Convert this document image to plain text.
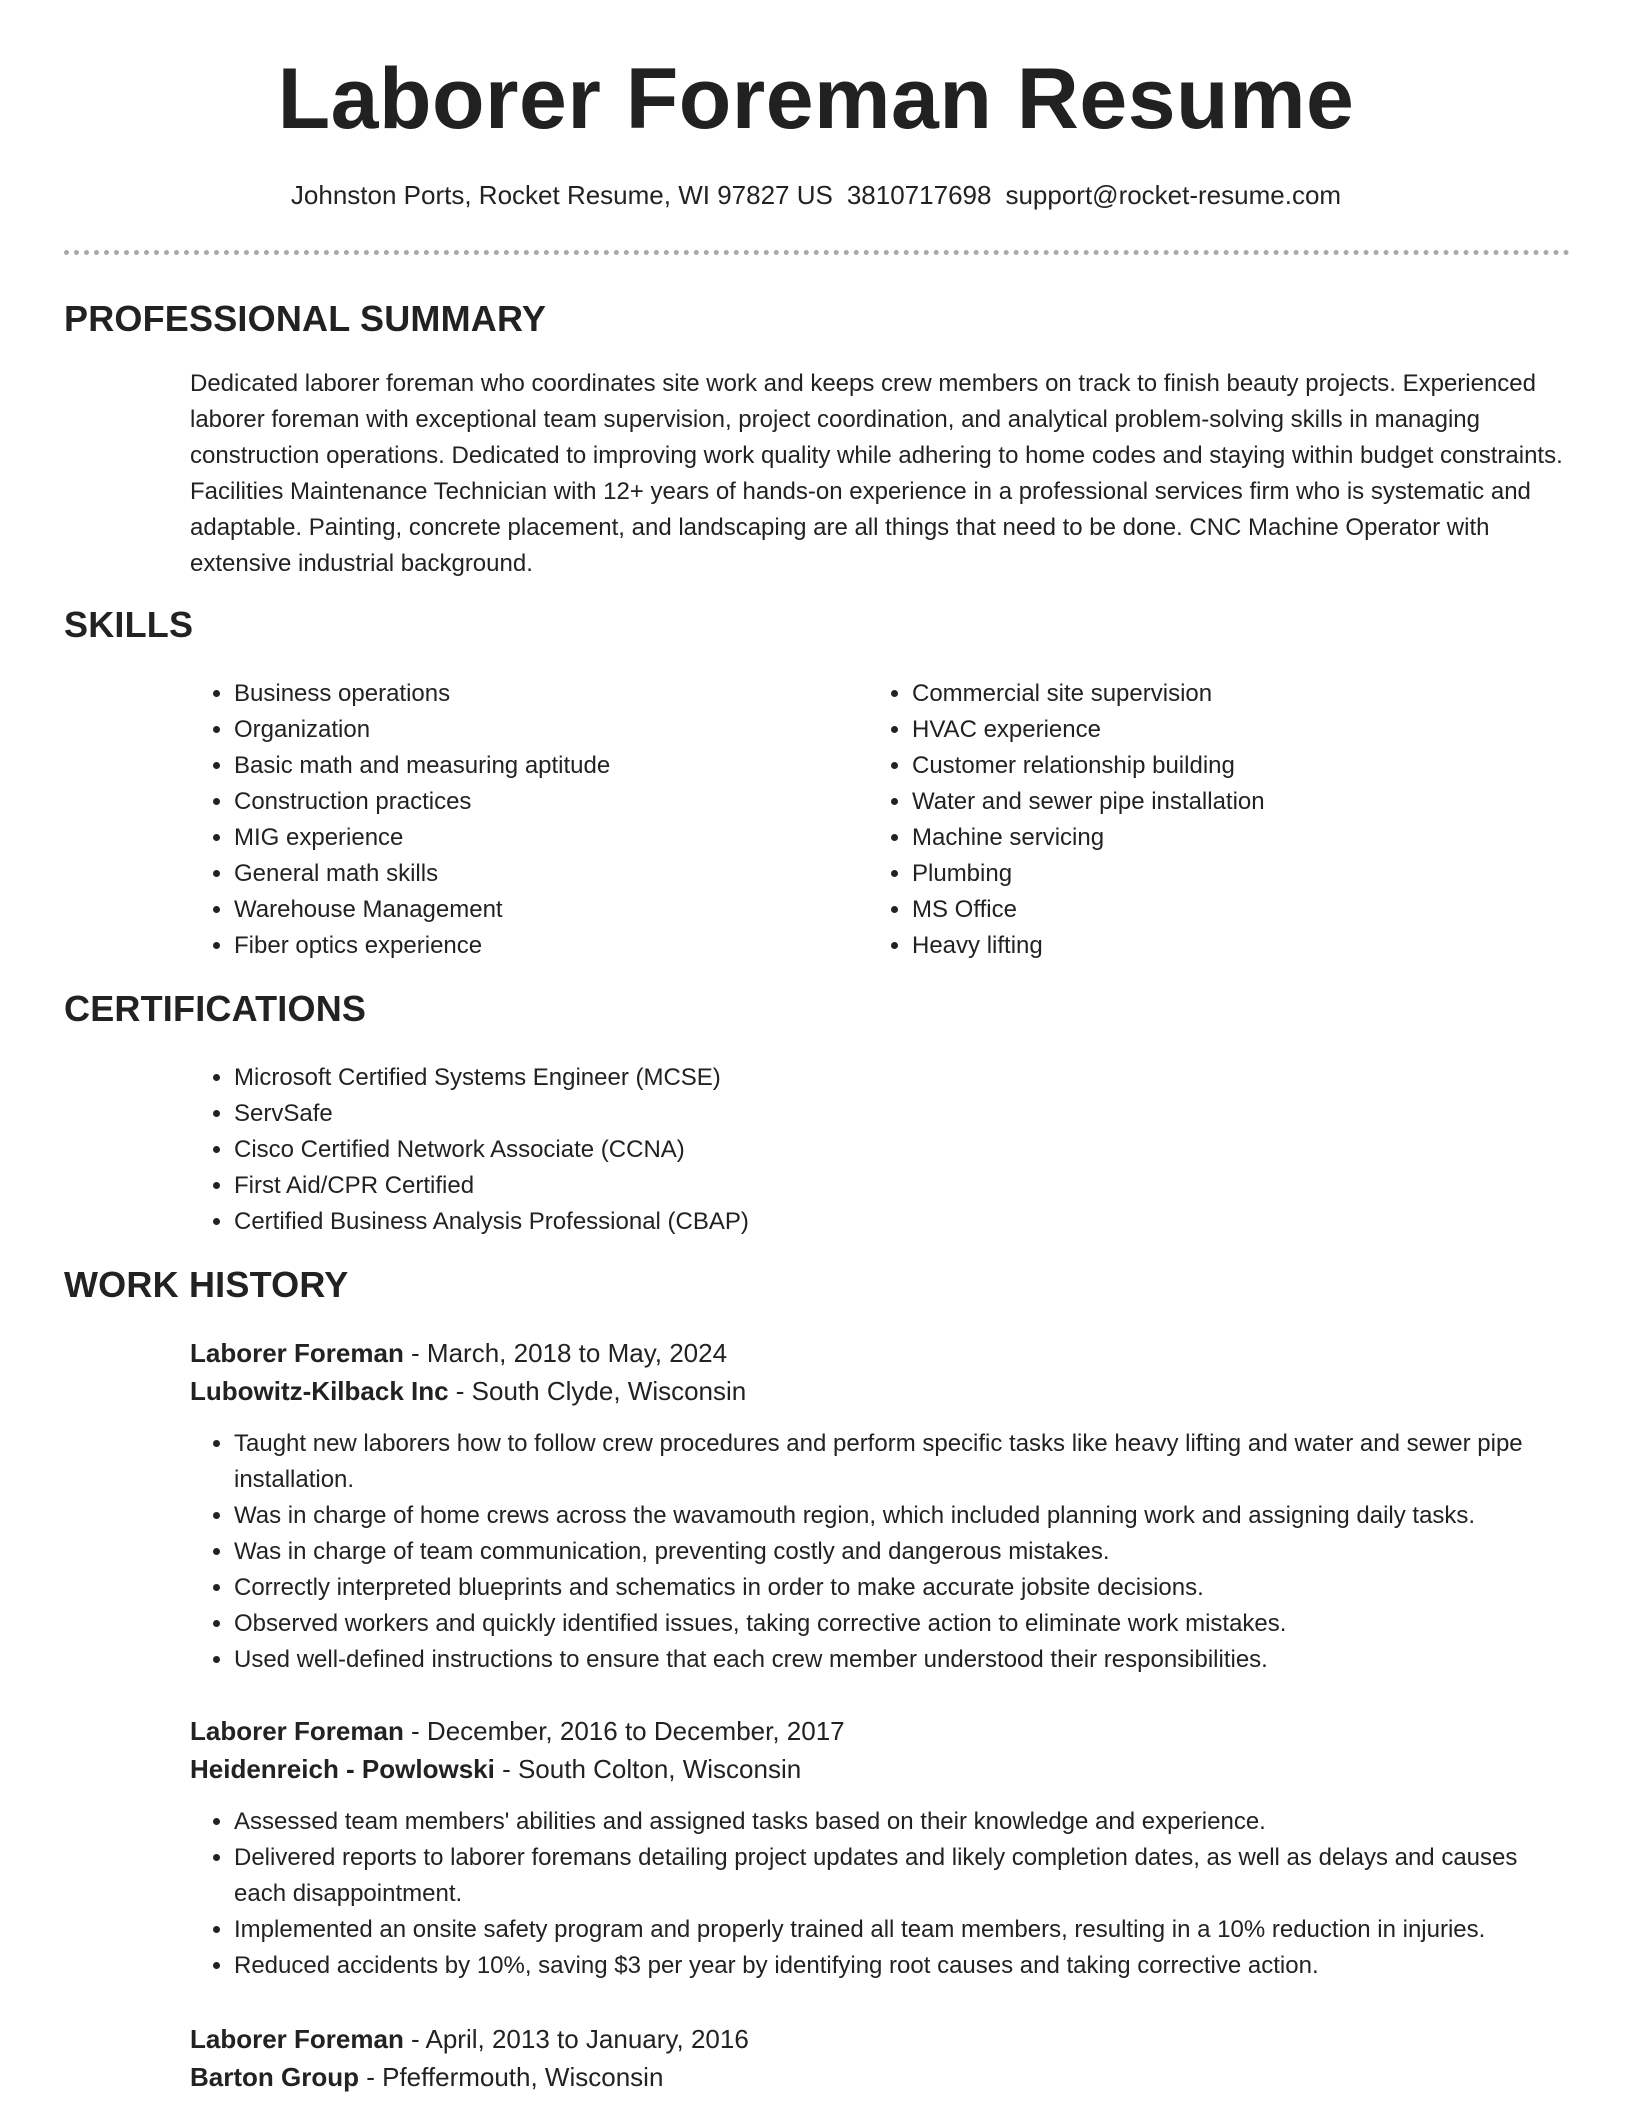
Laborer Foreman Resume
Johnston Ports, Rocket Resume, WI 97827 US 3810717698 support@rocket-resume.com
PROFESSIONAL SUMMARY
Dedicated laborer foreman who coordinates site work and keeps crew members on track to finish beauty projects. Experienced laborer foreman with exceptional team supervision, project coordination, and analytical problem-solving skills in managing construction operations. Dedicated to improving work quality while adhering to home codes and staying within budget constraints. Facilities Maintenance Technician with 12+ years of hands-on experience in a professional services firm who is systematic and adaptable. Painting, concrete placement, and landscaping are all things that need to be done. CNC Machine Operator with extensive industrial background.
SKILLS
• Business operations
• Organization
• Basic math and measuring aptitude
• Construction practices
• MIG experience
• General math skills
• Warehouse Management
• Fiber optics experience
• Commercial site supervision
• HVAC experience
• Customer relationship building
• Water and sewer pipe installation
• Machine servicing
• Plumbing
• MS Office
• Heavy lifting
CERTIFICATIONS
• Microsoft Certified Systems Engineer (MCSE)
• ServSafe
• Cisco Certified Network Associate (CCNA)
• First Aid/CPR Certified
• Certified Business Analysis Professional (CBAP)
WORK HISTORY
Laborer Foreman - March, 2018 to May, 2024
Lubowitz-Kilback Inc - South Clyde, Wisconsin
• Taught new laborers how to follow crew procedures and perform specific tasks like heavy lifting and water and sewer pipe installation.
• Was in charge of home crews across the wavamouth region, which included planning work and assigning daily tasks.
• Was in charge of team communication, preventing costly and dangerous mistakes.
• Correctly interpreted blueprints and schematics in order to make accurate jobsite decisions.
• Observed workers and quickly identified issues, taking corrective action to eliminate work mistakes.
• Used well-defined instructions to ensure that each crew member understood their responsibilities.
Laborer Foreman - December, 2016 to December, 2017
Heidenreich - Powlowski - South Colton, Wisconsin
• Assessed team members' abilities and assigned tasks based on their knowledge and experience.
• Delivered reports to laborer foremans detailing project updates and likely completion dates, as well as delays and causes each disappointment.
• Implemented an onsite safety program and properly trained all team members, resulting in a 10% reduction in injuries.
• Reduced accidents by 10%, saving $3 per year by identifying root causes and taking corrective action.
Laborer Foreman - April, 2013 to January, 2016
Barton Group - Pfeffermouth, Wisconsin
